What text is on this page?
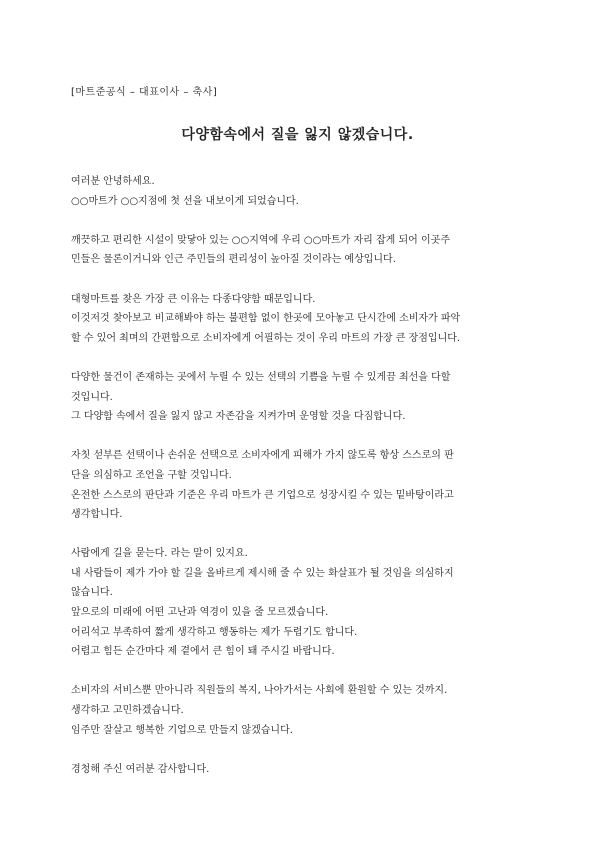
[마트준공식 – 대표이사 – 축사]
다양함속에서 질을 잃지 않겠습니다.

여러분 안녕하세요.
○○마트가 ○○지점에 첫 선을 내보이게 되었습니다.

깨끗하고 편리한 시설이 맞닿아 있는 ○○지역에 우리 ○○마트가 자리 잡게 되어 이곳주
민들은 물론이거니와 인근 주민들의 편리성이 높아질 것이라는 예상입니다.

대형마트를 찾은 가장 큰 이유는 다종다양함 때문입니다.
이것저것 찾아보고 비교해봐야 하는 불편함 없이 한곳에 모아놓고 단시간에 소비자가 파악
할 수 있어 최며의 간편함으로 소비자에게 어필하는 것이 우리 마트의 가장 큰 장점입니다.

다양한 물건이 존재하는 곳에서 누릴 수 있는 선택의 기쁨을 누릴 수 있게끔 최선을 다할
것입니다.
그 다양함 속에서 질을 잃지 않고 자존감을 지켜가며 운영할 것을 다짐합니다.

자칫 섣부른 선택이나 손쉬운 선택으로 소비자에게 피해가 가지 않도록 항상 스스로의 판
단을 의심하고 조언을 구할 것입니다.
온전한 스스로의 판단과 기준은 우리 마트가 큰 기업으로 성장시킬 수 있는 밑바탕이라고
생각합니다.

사람에게 길을 묻는다. 라는 말이 있지요.
내 사람들이 제가 가야 할 길을 올바르게 제시해 줄 수 있는 화살표가 될 것임을 의심하지
않습니다.
앞으로의 미래에 어떤 고난과 역경이 있을 줄 모르겠습니다.
어리석고 부족하여 짧게 생각하고 행동하는 제가 두렵기도 합니다.
어렵고 힘든 순간마다 제 곁에서 큰 힘이 돼 주시길 바랍니다.

소비자의 서비스뿐 만아니라 직원들의 복지, 나아가서는 사회에 환원할 수 있는 것까지.
생각하고 고민하겠습니다.
임주만 잘살고 행복한 기업으로 만들지 않겠습니다.

경청해 주신 여러분 감사합니다.
